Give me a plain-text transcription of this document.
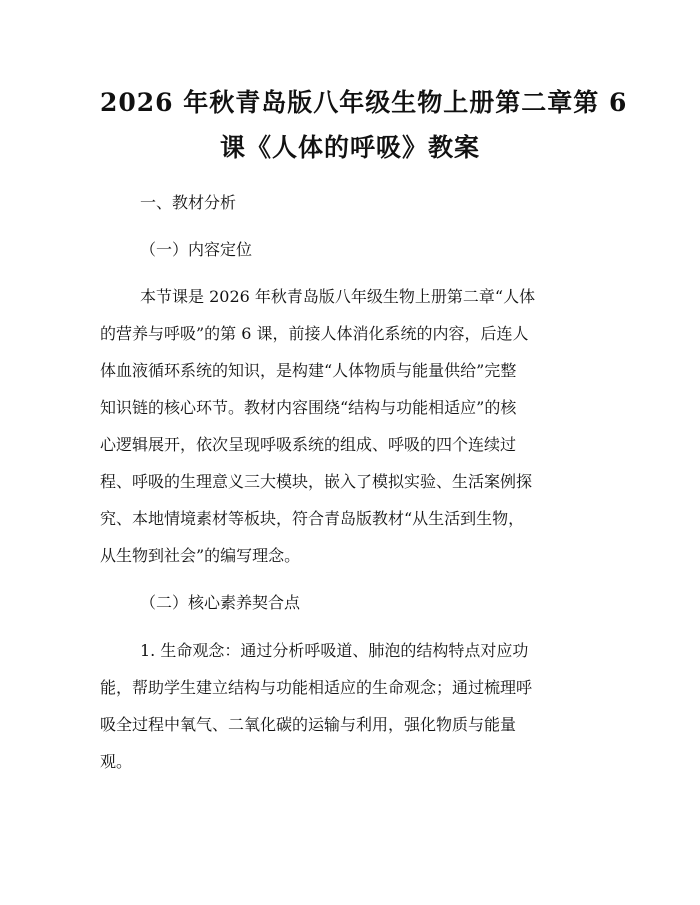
2026 年秋青岛版八年级生物上册第二章第 6
课《人体的呼吸》教案
一、教材分析
（一）内容定位
本节课是 2026 年秋青岛版八年级生物上册第二章“人体
的营养与呼吸”的第 6 课，前接人体消化系统的内容，后连人
体血液循环系统的知识，是构建“人体物质与能量供给”完整
知识链的核心环节。教材内容围绕“结构与功能相适应”的核
心逻辑展开，依次呈现呼吸系统的组成、呼吸的四个连续过
程、呼吸的生理意义三大模块，嵌入了模拟实验、生活案例探
究、本地情境素材等板块，符合青岛版教材“从生活到生物，
从生物到社会”的编写理念。
（二）核心素养契合点
1. 生命观念：通过分析呼吸道、肺泡的结构特点对应功
能，帮助学生建立结构与功能相适应的生命观念；通过梳理呼
吸全过程中氧气、二氧化碳的运输与利用，强化物质与能量
观。
